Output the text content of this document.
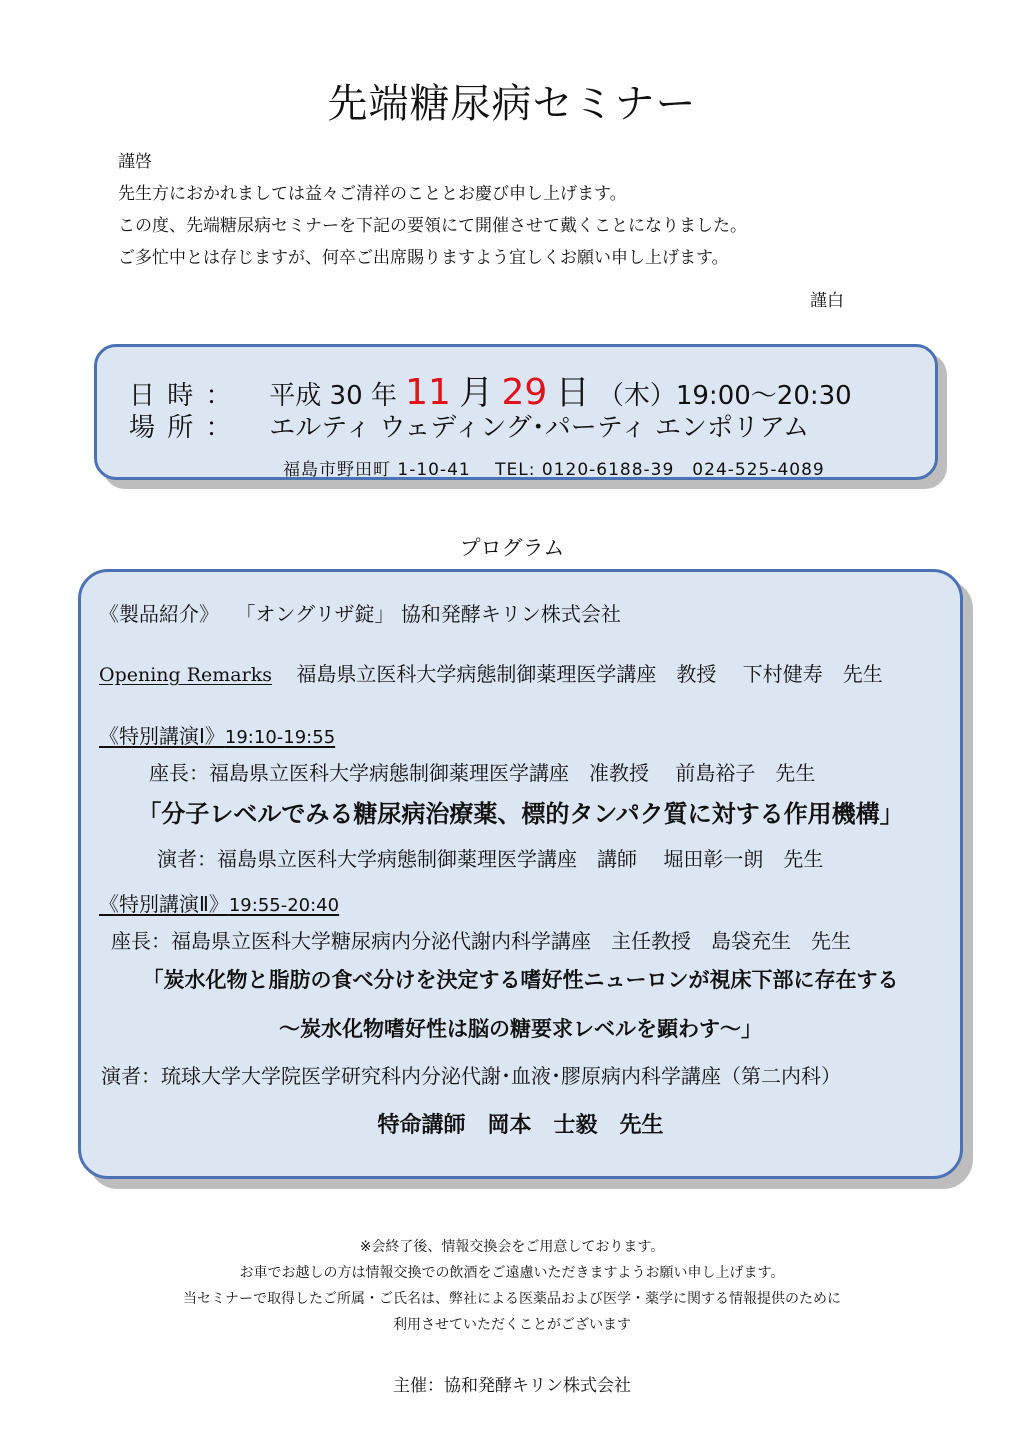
先端糖尿病セミナー
謹啓
先生方におかれましては益々ご清祥のこととお慶び申し上げます。
この度、先端糖尿病セミナーを下記の要領にて開催させて戴くことになりました。
ご多忙中とは存じますが、何卒ご出席賜りますよう宜しくお願い申し上げます。
謹白
日 時 ： 平成 30 年 11 月 29 日 （木）19:00～20:30
場 所 ： エルティ ウェディング･パーティ エンポリアム
福島市野田町 1-10-41　 TEL: 0120-6188-39　024-525-4089
プログラム
《製品紹介》 「オングリザ錠」 協和発酵キリン株式会社
Opening Remarks 福島県立医科大学病態制御薬理医学講座　教授　 下村健寿　先生
《特別講演Ⅰ》19:10-19:55
座長：福島県立医科大学病態制御薬理医学講座　准教授　 前島裕子　先生
「分子レベルでみる糖尿病治療薬、標的タンパク質に対する作用機構」
演者：福島県立医科大学病態制御薬理医学講座　講師　 堀田彰一朗　先生
《特別講演Ⅱ》19:55-20:40
座長：福島県立医科大学糖尿病内分泌代謝内科学講座　主任教授　島袋充生　先生
「炭水化物と脂肪の食べ分けを決定する嗜好性ニューロンが視床下部に存在する
～炭水化物嗜好性は脳の糖要求レベルを顕わす～」
演者：琉球大学大学院医学研究科内分泌代謝･血液･膠原病内科学講座（第二内科）
特命講師　岡本　士毅　先生
※会終了後、情報交換会をご用意しております。
お車でお越しの方は情報交換での飲酒をご遠慮いただきますようお願い申し上げます。
当セミナーで取得したご所属・ご氏名は、弊社による医薬品および医学・薬学に関する情報提供のために
利用させていただくことがございます
主催：協和発酵キリン株式会社
